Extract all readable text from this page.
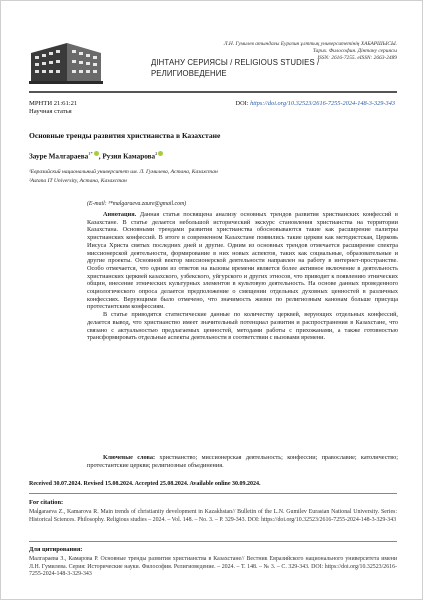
Л.Н. Гумилев атындағы Еуразия ұлттық университетінің ХАБАРШЫСЫ.
Тарих. Философия. Дінтану сериясы
ISSN: 2616-7255. eISSN: 2663-2489
ДІНТАНУ СЕРИЯСЫ / RELIGIOUS STUDIES / РЕЛИГИОВЕДЕНИЕ
МРНТИ 21:61:21
Научная статья
DOI: https://doi.org/10.32523/2616-7255-2024-148-3-329-343
Основные тренды развития христианства в Казахстане
Зауре Малгараева$^{1*}$ , Рузия Камарова$^2$
¹Евразийский национальный университет им. Л. Гумилева, Астана, Казахстан
²Astana IT University, Астана, Казахстан
(E-mail: ¹*malgaraeva.zaure@gmail.com)

Аннотация. Данная статья посвящена анализу основных трендов развития христианских конфессий в Казахстане. В статье делается небольшой исторический экскурс становления христианства на территории Казахстана. Основными трендами развития христианства обосновываются такие как расширение палитры христианских конфессий. В итоге в современном Казахстане появились такие церкви как методистская, Церковь Иисуса Христа святых последних дней и другие. Одним из основных трендов отмечается расширение спектра миссионерской деятельности, формирование в них новых аспектов, таких как социальные, образовательные и другие проекты. Основной вектор миссионерской деятельности направлен на работу в интернет-пространстве. Особо отмечается, что одним из ответов на вызовы времени является более активное включение в деятельность христианских церквей казахского, узбекского, уйгурского и других этносов, что приводит к появлению этнических общин, внесение этнических культурных элементов в культовую деятельность. На основе данных проведенного социологического опроса делается предположение о смещении отдельных духовных ценностей в различных конфессиях. Верующими было отмечено, что значимость жизни по религиозным канонам больше присуща протестантским конфессиям.

В статье приводятся статистические данные по количеству церквей, верующих отдельных конфессий, делается вывод, что христианство имеет значительный потенциал развития и распространения в Казахстане, что связано с актуальностью предлагаемых ценностей, методами работы с прихожанами, а также готовностью трансформировать отдельные аспекты деятельности в соответствии с вызовами времени.

Ключевые слова: христианство; миссионерская деятельность; конфессии; православие; католичество; протестантские церкви; религиозные объединения.

Received 30.07.2024. Revised 15.08.2024. Accepted 25.08.2024. Available online 30.09.2024.
For citation:
Malgaraeva Z., Kamarova R. Main trends of christianity development in Kazakhstan// Bulletin of the L.N. Gumilev Eurasian National University. Series: Historical Sciences. Philosophy. Religious studies – 2024. – Vol. 148. – No. 3. – P. 329-343. DOI: https://doi.org/10.32523/2616-7255-2024-148-3-329-343
Для цитирования:
Малгараева З., Камарова Р. Основные тренды развития христианства в Казахстане// Вестник Евразийского национального университета имени Л.Н. Гумилева. Серия: Исторические науки. Философия. Религиоведение. – 2024. – Т. 148. – № 3. – С. 329-343. DOI: https://doi.org/10.32523/2616-7255-2024-148-3-329-343
